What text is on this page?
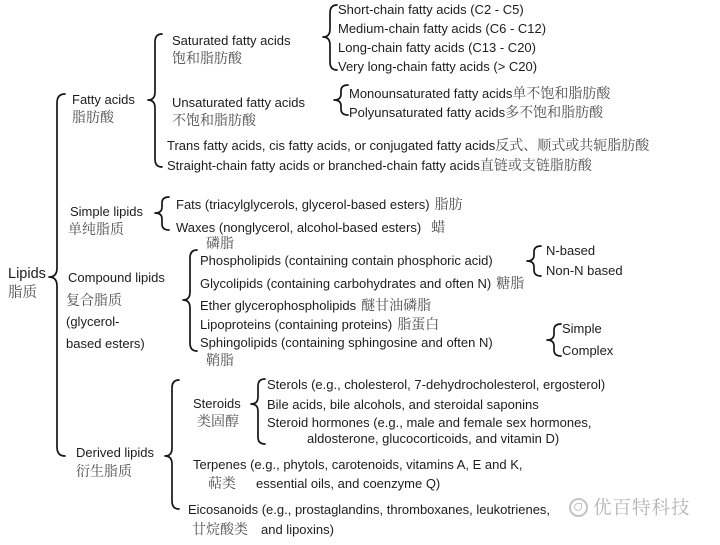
Lipids
脂质
Fatty acids
脂肪酸
Saturated fatty acids
饱和脂肪酸
Short-chain fatty acids (C2 - C5)
Medium-chain fatty acids (C6 - C12)
Long-chain fatty acids (C13 - C20)
Very long-chain fatty acids (> C20)
Unsaturated fatty acids
不饱和脂肪酸
Monounsaturated fatty acids单不饱和脂肪酸
Polyunsaturated fatty acids多不饱和脂肪酸
Trans fatty acids, cis fatty acids, or conjugated fatty acids反式、顺式或共轭脂肪酸
Straight-chain fatty acids or branched-chain fatty acids直链或支链脂肪酸
Simple lipids
单纯脂质
Fats (triacylglycerols, glycerol-based esters) 脂肪
Waxes (nonglycerol, alcohol-based esters) 蜡
Compound lipids
复合脂质
(glycerol-
based esters)
磷脂
Phospholipids (containing contain phosphoric acid)
N-based
Non-N based
Glycolipids (containing carbohydrates and often N) 糖脂
Ether glycerophospholipids 醚甘油磷脂
Lipoproteins (containing proteins) 脂蛋白
Sphingolipids (containing sphingosine and often N)
鞘脂
Simple
Complex
Derived lipids
衍生脂质
Steroids
类固醇
Sterols (e.g., cholesterol, 7-dehydrocholesterol, ergosterol)
Bile acids, bile alcohols, and steroidal saponins
Steroid hormones (e.g., male and female sex hormones,
aldosterone, glucocorticoids, and vitamin D)
Terpenes (e.g., phytols, carotenoids, vitamins A, E and K,
萜类 essential oils, and coenzyme Q)
Eicosanoids (e.g., prostaglandins, thromboxanes, leukotrienes,
廿烷酸类 and lipoxins)
优百特科技
